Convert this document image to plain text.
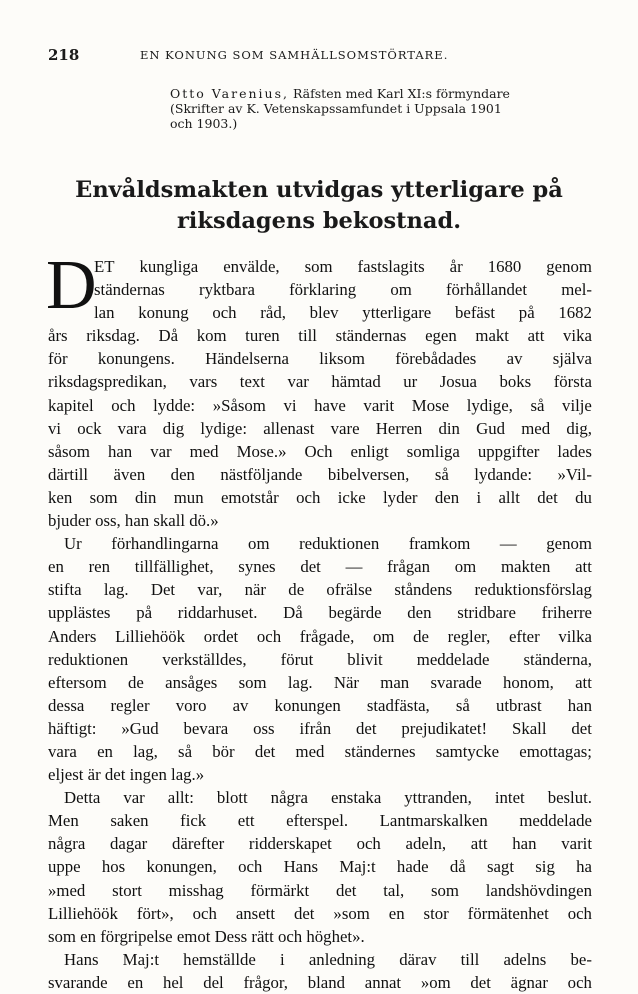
218	EN KONUNG SOM SAMHÄLLSOMSTÖRTARE.
Otto Varenius, Räfsten med Karl XI:s förmyndare
(Skrifter av K. Vetenskapssamfundet i Uppsala 1901
och 1903.)
Envåldsmakten utvidgas ytterligare på
riksdagens bekostnad.
D
ET kungliga envälde, som fastslagits år 1680 genom
ständernas ryktbara förklaring om förhållandet mel-
lan konung och råd, blev ytterligare befäst på 1682
års riksdag. Då kom turen till ständernas egen makt att vika
för konungens. Händelserna liksom förebådades av själva
riksdagspredikan, vars text var hämtad ur Josua boks första
kapitel och lydde: »Såsom vi have varit Mose lydige, så vilje
vi ock vara dig lydige: allenast vare Herren din Gud med dig,
såsom han var med Mose.» Och enligt somliga uppgifter lades
därtill även den nästföljande bibelversen, så lydande: »Vil-
ken som din mun emotstår och icke lyder den i allt det du
bjuder oss, han skall dö.»
Ur förhandlingarna om reduktionen framkom — genom
en ren tillfällighet, synes det — frågan om makten att
stifta lag. Det var, när de ofrälse ståndens reduktionsförslag
upplästes på riddarhuset. Då begärde den stridbare friherre
Anders Lilliehöök ordet och frågade, om de regler, efter vilka
reduktionen verkställdes, förut blivit meddelade ständerna,
eftersom de ansåges som lag. När man svarade honom, att
dessa regler voro av konungen stadfästa, så utbrast han
häftigt: »Gud bevara oss ifrån det prejudikatet! Skall det
vara en lag, så bör det med ständernes samtycke emottagas;
eljest är det ingen lag.»
Detta var allt: blott några enstaka yttranden, intet beslut.
Men saken fick ett efterspel. Lantmarskalken meddelade
några dagar därefter ridderskapet och adeln, att han varit
uppe hos konungen, och Hans Maj:t hade då sagt sig ha
»med stort misshag förmärkt det tal, som landshövdingen
Lilliehöök fört», och ansett det »som en stor förmätenhet och
som en förgripelse emot Dess rätt och höghet».
Hans Maj:t hemställde i anledning därav till adelns be-
svarande en hel del frågor, bland annat »om det ägnar och
